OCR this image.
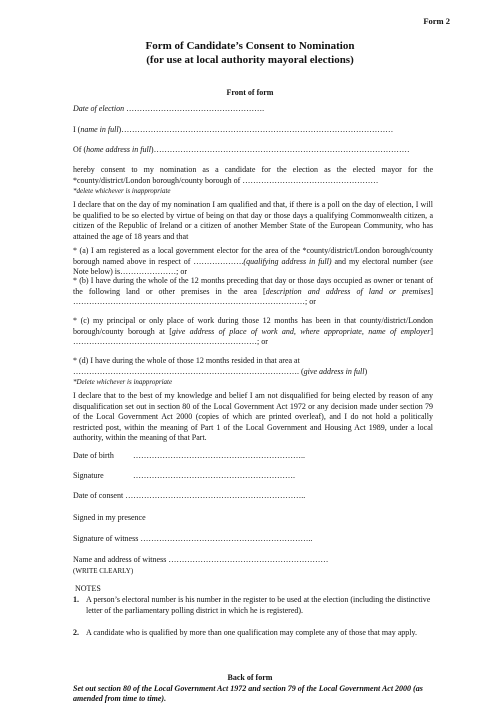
Form 2
Form of Candidate’s Consent to Nomination
(for use at local authority mayoral elections)
Front of form
Date of election …………………………………………….
I (name in full)…………………………………………………………………………………………
Of (home address in full)……………………………………………………………………………………
hereby consent to my nomination as a candidate for the election as the elected mayor for the *county/district/London borough/county borough of ……………………………………………
*delete whichever is inappropriate
I declare that on the day of my nomination I am qualified and that, if there is a poll on the day of election, I will be qualified to be so elected by virtue of being on that day or those days a qualifying Commonwealth citizen, a citizen of the Republic of Ireland or a citizen of another Member State of the European Community, who has attained the age of 18 years and that
* (a) I am registered as a local government elector for the area of the *county/district/London borough/county borough named above in respect of ……………….(qualifying address in full) and my electoral number (see Note below) is…………………; or
* (b) I have during the whole of the 12 months preceding that day or those days occupied as owner or tenant of the following land or other premises in the area [description and address of land or premises] ……………………………………………………………………………; or
* (c) my principal or only place of work during those 12 months has been in that county/district/London borough/county borough at [give address of place of work and, where appropriate, name of employer] ……………………………………………………………; or
* (d) I have during the whole of those 12 months resided in that area at
…………………………………………………………………………. (give address in full)
*Delete whichever is inappropriate
I declare that to the best of my knowledge and belief I am not disqualified for being elected by reason of any disqualification set out in section 80 of the Local Government Act 1972 or any decision made under section 79 of the Local Government Act 2000 (copies of which are printed overleaf), and I do not hold a politically restricted post, within the meaning of Part 1 of the Local Government and Housing Act 1989, under a local authority, within the meaning of that Part.
Date of birth ………………………………………………………..
Signature	…………………………………………………….
Date of consent …………………………………………………………..
Signed in my presence
Signature of witness ………………………………………………………..
Name and address of witness ……………………………………………………
(WRITE CLEARLY)
NOTES
1. A person’s electoral number is his number in the register to be used at the election (including the distinctive letter of the parliamentary polling district in which he is registered).
2. A candidate who is qualified by more than one qualification may complete any of those that may apply.
Back of form
Set out section 80 of the Local Government Act 1972 and section 79 of the Local Government Act 2000 (as amended from time to time).
